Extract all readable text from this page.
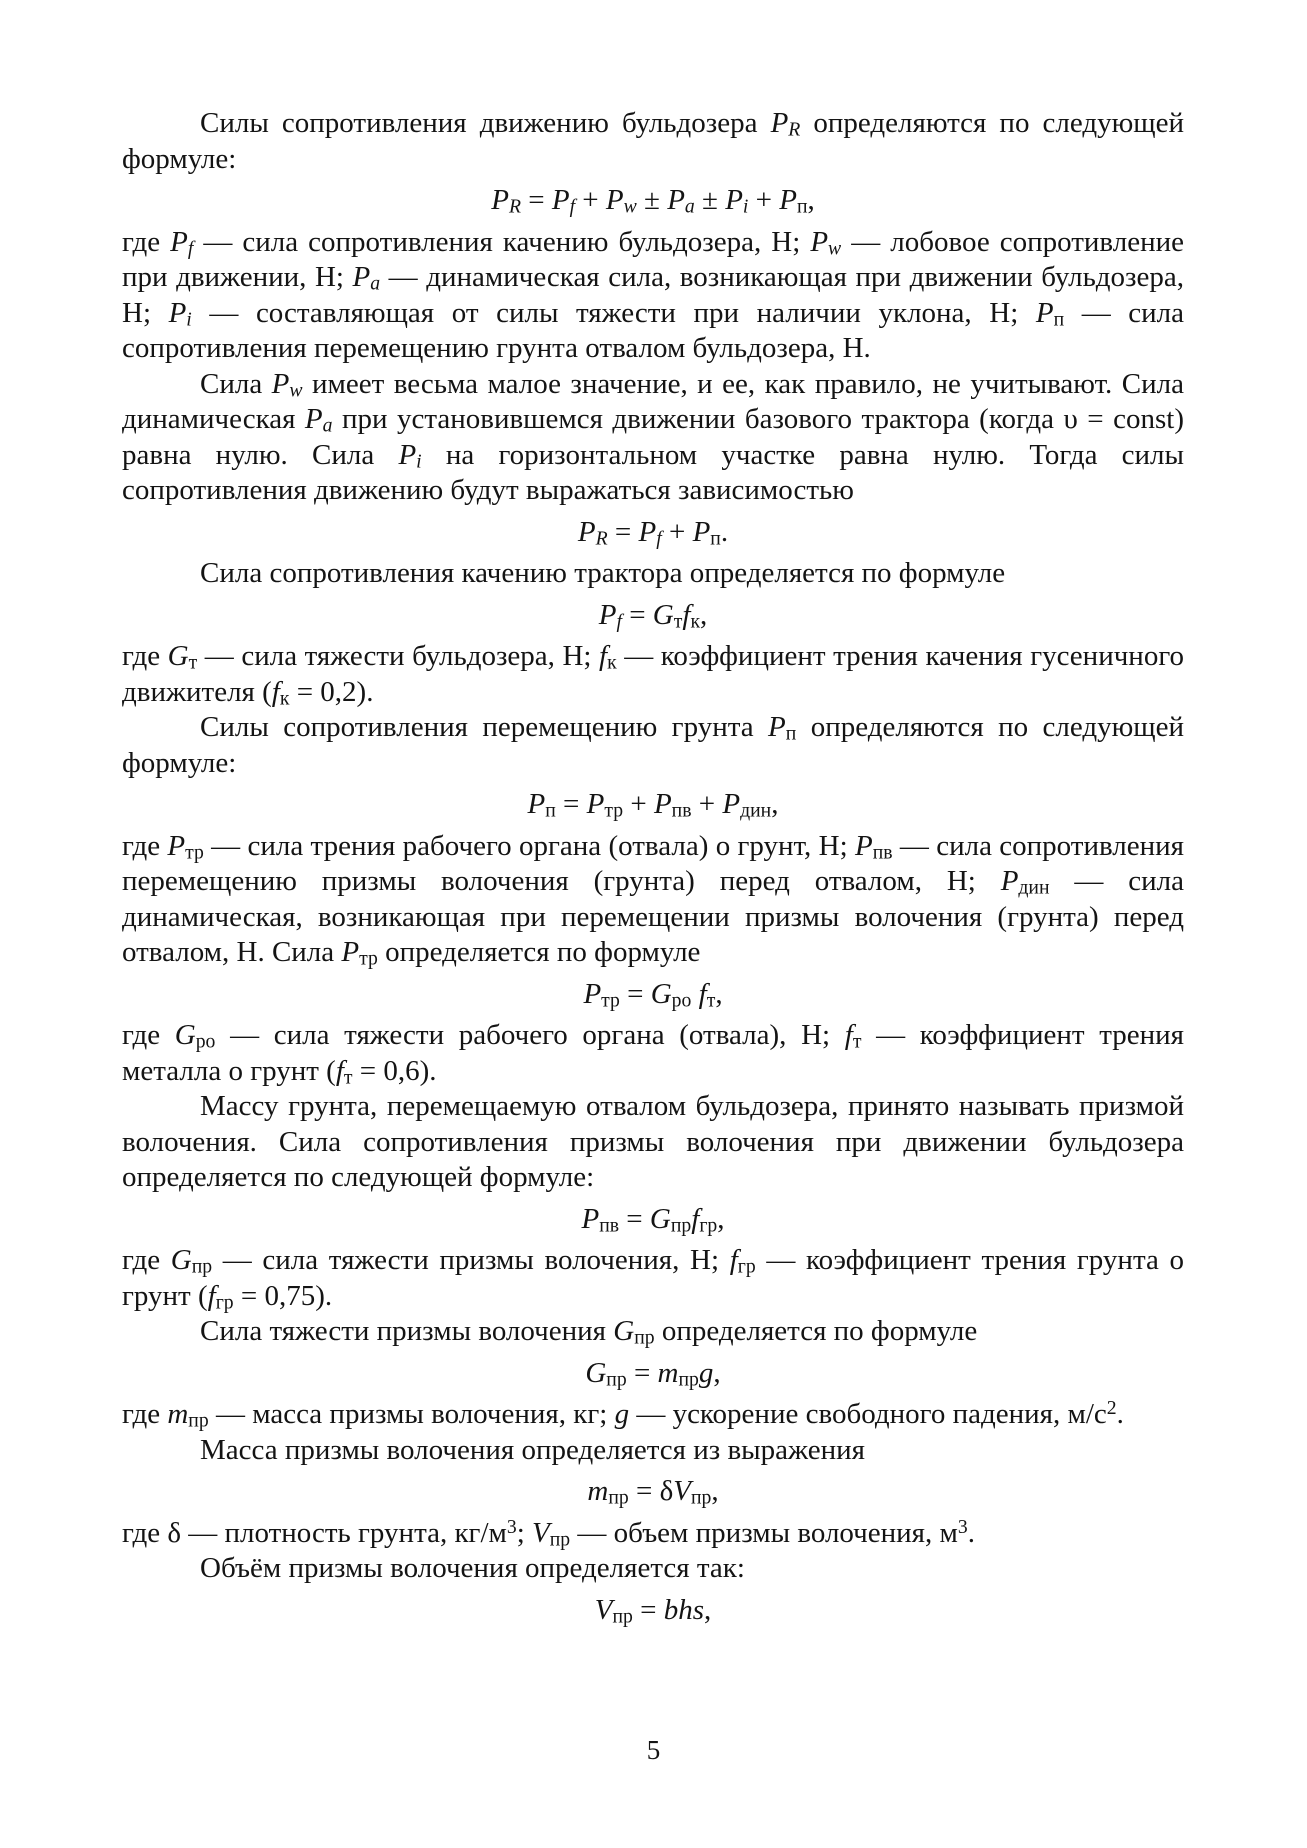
Силы сопротивления движению бульдозера PR определяются по следующей формуле:
PR = Pf + Pw ± Pa ± Pi + Pп,
где Pf — сила сопротивления качению бульдозера, Н; Pw — лобовое сопротивление при движении, Н; Pa — динамическая сила, возникающая при движении бульдозера, Н; Pi — составляющая от силы тяжести при наличии уклона, Н; Pп — сила сопротивления перемещению грунта отвалом бульдозера, Н.
Сила Pw имеет весьма малое значение, и ее, как правило, не учитывают. Сила динамическая Pa при установившемся движении базового трактора (когда υ = const) равна нулю. Сила Pi на горизонтальном участке равна нулю. Тогда силы сопротивления движению будут выражаться зависимостью
PR = Pf + Pп.
Сила сопротивления качению трактора определяется по формуле
Pf = Gтfк,
где Gт — сила тяжести бульдозера, Н; fк — коэффициент трения качения гусеничного движителя (fк = 0,2).
Силы сопротивления перемещению грунта Pп определяются по следующей формуле:
Pп = Pтр + Pпв + Pдин,
где Pтр — сила трения рабочего органа (отвала) о грунт, Н; Pпв — сила сопротивления перемещению призмы волочения (грунта) перед отвалом, Н; Pдин — сила динамическая, возникающая при перемещении призмы волочения (грунта) перед отвалом, Н. Сила Pтр определяется по формуле
Pтр = Gро fт,
где Gро — сила тяжести рабочего органа (отвала), Н; fт — коэффициент трения металла о грунт (fт = 0,6).
Массу грунта, перемещаемую отвалом бульдозера, принято называть призмой волочения. Сила сопротивления призмы волочения при движении бульдозера определяется по следующей формуле:
Pпв = Gпрfгр,
где Gпр — сила тяжести призмы волочения, Н; fгр — коэффициент трения грунта о грунт (fгр = 0,75).
Сила тяжести призмы волочения Gпр определяется по формуле
Gпр = mпрg,
где mпр — масса призмы волочения, кг; g — ускорение свободного падения, $м/с^2$.
Масса призмы волочения определяется из выражения
mпр = δVпр,
где δ — плотность грунта, $кг/м^3$; Vпр — объем призмы волочения, $м^3$.
Объём призмы волочения определяется так:
Vпр = bhs,
5
